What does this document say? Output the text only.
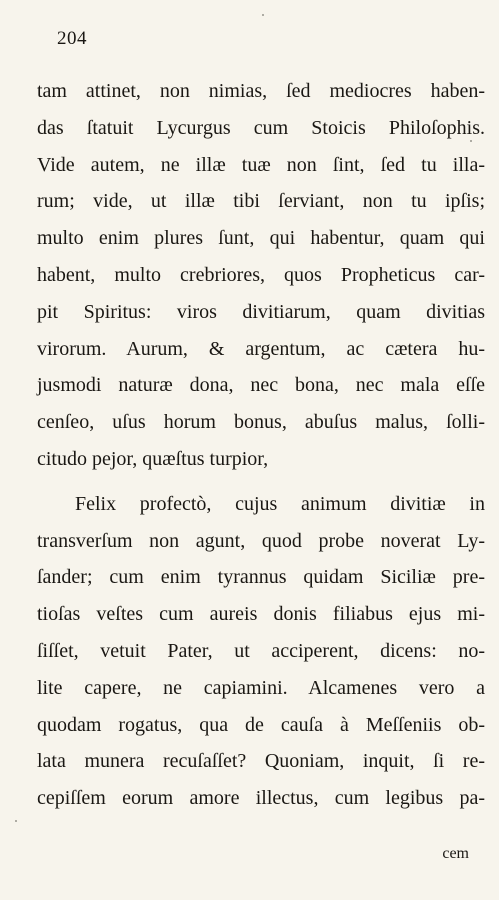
204
tam attinet, non nimias, ſed mediocres haben-
das ſtatuit Lycurgus cum Stoicis Philoſophis.
Vide autem, ne illæ tuæ non ſint, ſed tu illa-
rum; vide, ut illæ tibi ſerviant, non tu ipſis;
multo enim plures ſunt, qui habentur, quam qui
habent, multo crebriores, quos Propheticus car-
pit Spiritus: viros divitiarum, quam divitias
virorum. Aurum, & argentum, ac cætera hu-
jusmodi naturæ dona, nec bona, nec mala eſſe
cenſeo, uſus horum bonus, abuſus malus, ſolli-
citudo pejor, quæſtus turpior,
Felix profectò, cujus animum divitiæ in
transverſum non agunt, quod probe noverat Ly-
ſander; cum enim tyrannus quidam Siciliæ pre-
tioſas veſtes cum aureis donis filiabus ejus mi-
ſiſſet, vetuit Pater, ut acciperent, dicens: no-
lite capere, ne capiamini. Alcamenes vero a
quodam rogatus, qua de cauſa à Meſſeniis ob-
lata munera recuſaſſet? Quoniam, inquit, ſi re-
cepiſſem eorum amore illectus, cum legibus pa-
cem
